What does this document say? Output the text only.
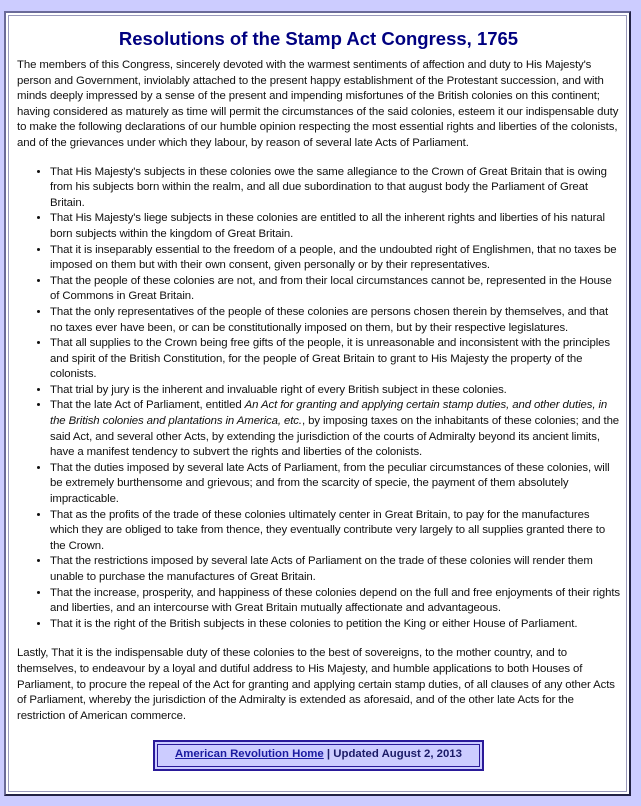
Resolutions of the Stamp Act Congress, 1765

The members of this Congress, sincerely devoted with the warmest sentiments of affection and duty to His Majesty's person and Government, inviolably attached to the present happy establishment of the Protestant succession, and with minds deeply impressed by a sense of the present and impending misfortunes of the British colonies on this continent; having considered as maturely as time will permit the circumstances of the said colonies, esteem it our indispensable duty to make the following declarations of our humble opinion respecting the most essential rights and liberties of the colonists, and of the grievances under which they labour, by reason of several late Acts of Parliament.

• That His Majesty's subjects in these colonies owe the same allegiance to the Crown of Great Britain that is owing from his subjects born within the realm, and all due subordination to that august body the Parliament of Great Britain.
• That His Majesty's liege subjects in these colonies are entitled to all the inherent rights and liberties of his natural born subjects within the kingdom of Great Britain.
• That it is inseparably essential to the freedom of a people, and the undoubted right of Englishmen, that no taxes be imposed on them but with their own consent, given personally or by their representatives.
• That the people of these colonies are not, and from their local circumstances cannot be, represented in the House of Commons in Great Britain.
• That the only representatives of the people of these colonies are persons chosen therein by themselves, and that no taxes ever have been, or can be constitutionally imposed on them, but by their respective legislatures.
• That all supplies to the Crown being free gifts of the people, it is unreasonable and inconsistent with the principles and spirit of the British Constitution, for the people of Great Britain to grant to His Majesty the property of the colonists.
• That trial by jury is the inherent and invaluable right of every British subject in these colonies.
• That the late Act of Parliament, entitled An Act for granting and applying certain stamp duties, and other duties, in the British colonies and plantations in America, etc., by imposing taxes on the inhabitants of these colonies; and the said Act, and several other Acts, by extending the jurisdiction of the courts of Admiralty beyond its ancient limits, have a manifest tendency to subvert the rights and liberties of the colonists.
• That the duties imposed by several late Acts of Parliament, from the peculiar circumstances of these colonies, will be extremely burthensome and grievous; and from the scarcity of specie, the payment of them absolutely impracticable.
• That as the profits of the trade of these colonies ultimately center in Great Britain, to pay for the manufactures which they are obliged to take from thence, they eventually contribute very largely to all supplies granted there to the Crown.
• That the restrictions imposed by several late Acts of Parliament on the trade of these colonies will render them unable to purchase the manufactures of Great Britain.
• That the increase, prosperity, and happiness of these colonies depend on the full and free enjoyments of their rights and liberties, and an intercourse with Great Britain mutually affectionate and advantageous.
• That it is the right of the British subjects in these colonies to petition the King or either House of Parliament.

Lastly, That it is the indispensable duty of these colonies to the best of sovereigns, to the mother country, and to themselves, to endeavour by a loyal and dutiful address to His Majesty, and humble applications to both Houses of Parliament, to procure the repeal of the Act for granting and applying certain stamp duties, of all clauses of any other Acts of Parliament, whereby the jurisdiction of the Admiralty is extended as aforesaid, and of the other late Acts for the restriction of American commerce.

American Revolution Home | Updated August 2, 2013
